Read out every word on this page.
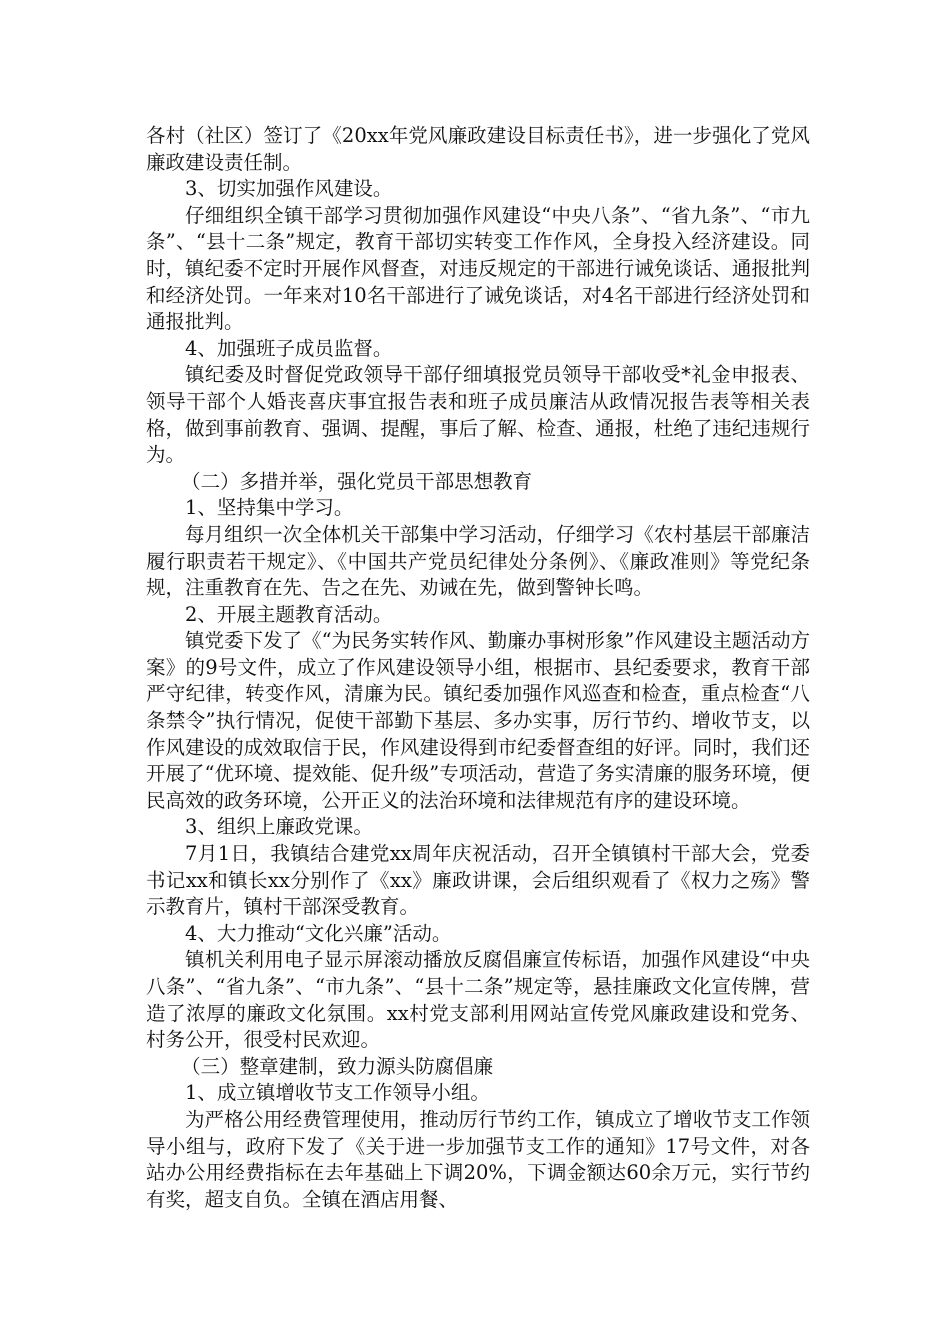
各村（社区）签订了《20xx年党风廉政建设目标责任书》，进一步强化了党风廉政建设责任制。

3、切实加强作风建设。

仔细组织全镇干部学习贯彻加强作风建设“中央八条”、“省九条”、“市九条”、“县十二条”规定，教育干部切实转变工作作风，全身投入经济建设。同时，镇纪委不定时开展作风督查，对违反规定的干部进行诫免谈话、通报批判和经济处罚。一年来对10名干部进行了诫免谈话，对4名干部进行经济处罚和通报批判。

4、加强班子成员监督。

镇纪委及时督促党政领导干部仔细填报党员领导干部收受*礼金申报表、领导干部个人婚丧喜庆事宜报告表和班子成员廉洁从政情况报告表等相关表格，做到事前教育、强调、提醒，事后了解、检查、通报，杜绝了违纪违规行为。

（二）多措并举，强化党员干部思想教育

1、坚持集中学习。

每月组织一次全体机关干部集中学习活动，仔细学习《农村基层干部廉洁履行职责若干规定》、《中国共产党员纪律处分条例》、《廉政准则》等党纪条规，注重教育在先、告之在先、劝诫在先，做到警钟长鸣。

2、开展主题教育活动。

镇党委下发了《“为民务实转作风、勤廉办事树形象”作风建设主题活动方案》的9号文件，成立了作风建设领导小组，根据市、县纪委要求，教育干部严守纪律，转变作风，清廉为民。镇纪委加强作风巡查和检查，重点检查“八条禁令”执行情况，促使干部勤下基层、多办实事，厉行节约、增收节支，以作风建设的成效取信于民，作风建设得到市纪委督查组的好评。同时，我们还开展了“优环境、提效能、促升级”专项活动，营造了务实清廉的服务环境，便民高效的政务环境，公开正义的法治环境和法律规范有序的建设环境。

3、组织上廉政党课。

7月1日，我镇结合建党xx周年庆祝活动，召开全镇镇村干部大会，党委书记xx和镇长xx分别作了《xx》廉政讲课，会后组织观看了《权力之殇》警示教育片，镇村干部深受教育。

4、大力推动“文化兴廉”活动。

镇机关利用电子显示屏滚动播放反腐倡廉宣传标语，加强作风建设“中央八条”、“省九条”、“市九条”、“县十二条”规定等，悬挂廉政文化宣传牌，营造了浓厚的廉政文化氛围。xx村党支部利用网站宣传党风廉政建设和党务、村务公开，很受村民欢迎。

（三）整章建制，致力源头防腐倡廉

1、成立镇增收节支工作领导小组。

为严格公用经费管理使用，推动厉行节约工作，镇成立了增收节支工作领导小组与，政府下发了《关于进一步加强节支工作的通知》17号文件，对各站办公用经费指标在去年基础上下调20%，下调金额达60余万元，实行节约有奖，超支自负。全镇在酒店用餐、
